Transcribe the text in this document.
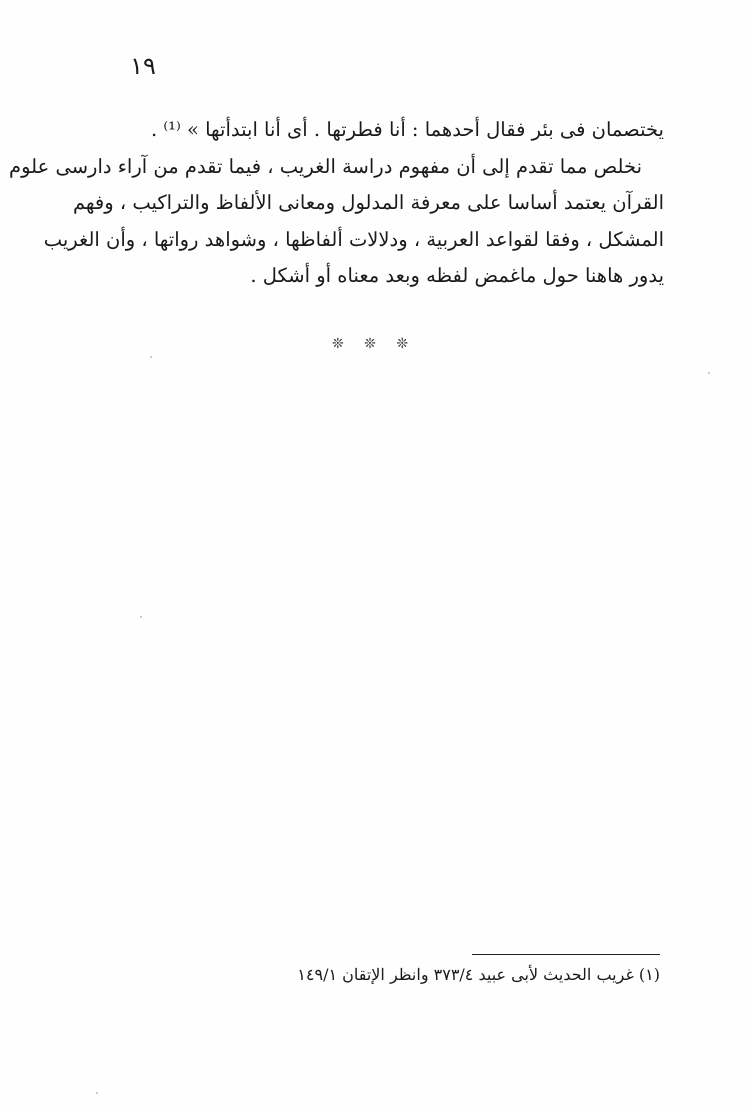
١٩
يختصمان فى بئر فقال أحدهما : أنا فطرتها . أى أنا ابتدأتها » ⁽¹⁾ .
نخلص مما تقدم إلى أن مفهوم دراسة الغريب ، فيما تقدم من آراء دارسى علوم
القرآن يعتمد أساسا على معرفة المدلول ومعانى الألفاظ والتراكيب ، وفهم
المشكل ، وفقا لقواعد العربية ، ودلالات ألفاظها ، وشواهد رواتها ، وأن الغريب
يدور هاهنا حول ماغمض لفظه وبعد معناه أو أشكل .
❊ ❊ ❊
(١) غريب الحديث لأبى عبيد ٣٧٣/٤ وانظر الإتقان ١٤٩/١
